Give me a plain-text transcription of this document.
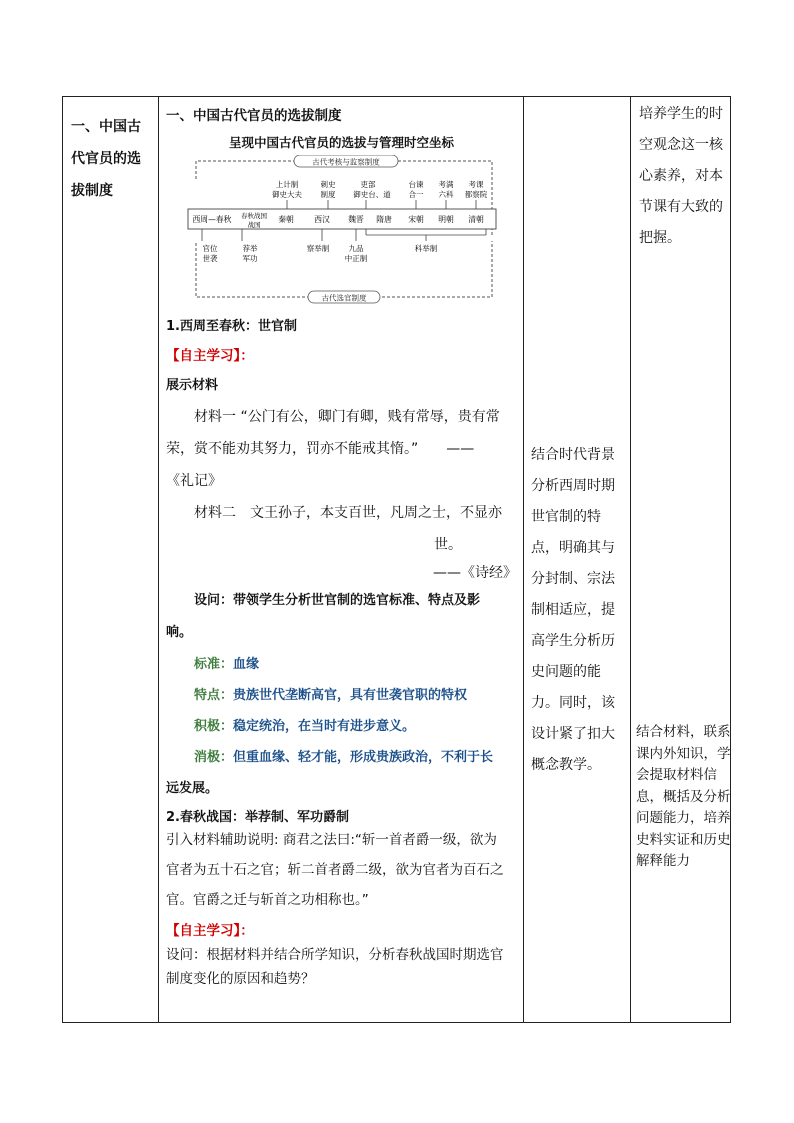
一、中国古代官员的选拔制度

一、中国古代官员的选拔制度

呈现中国古代官员的选拔与管理时空坐标

古代考核与监察制度
古代选官制度
上计制
御史大夫
刺史
制度
吏部
御史台、道
台谏
合一
考满
六科
考课
都察院
西周—春秋 春秋战国
战国
秦朝	西汉 魏晋 隋唐 宋朝 明朝 清朝
官位
世袭
荐举
军功
察举制	九品
中正制
科举制

1.西周至春秋：世官制

【自主学习】：

展示材料

材料一 “公门有公，卿门有卿，贱有常辱，贵有常

荣，赏不能劝其努力，罚亦不能戒其惰。”　　——

《礼记》

材料二　文王孙子，本支百世，凡周之士，不显亦

世。

——《诗经》

设问：带领学生分析世官制的选官标准、特点及影

响。

标准：血缘

特点：贵族世代垄断高官，具有世袭官职的特权

积极：稳定统治，在当时有进步意义。

消极：但重血缘、轻才能，形成贵族政治，不利于长

远发展。

2.春秋战国：举荐制、军功爵制

引入材料辅助说明: 商君之法曰:“斩一首者爵一级，欲为

官者为五十石之官；斩二首者爵二级，欲为官者为百石之

官。官爵之迁与斩首之功相称也。”

【自主学习】：

设问：根据材料并结合所学知识，分析春秋战国时期选官

制度变化的原因和趋势？

结合时代背景分析西周时期世官制的特点，明确其与分封制、宗法制相适应，提高学生分析历史问题的能力。同时，该设计紧了扣大概念教学。

培养学生的时空观念这一核心素养，对本节课有大致的把握。

结合材料，联系课内外知识，学会提取材料信息，概括及分析问题能力，培养史料实证和历史解释能力
